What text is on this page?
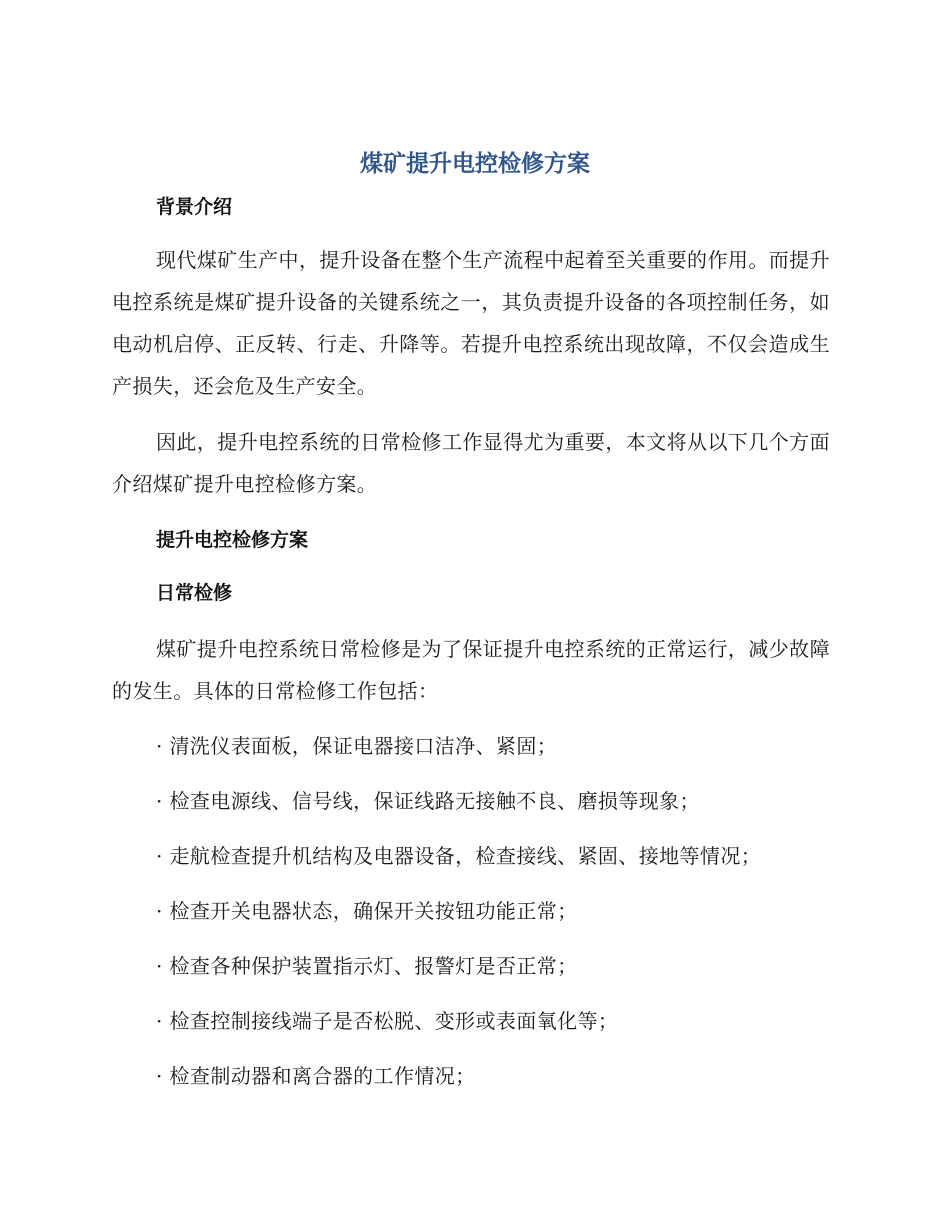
煤矿提升电控检修方案
背景介绍
现代煤矿生产中，提升设备在整个生产流程中起着至关重要的作用。而提升电控系统是煤矿提升设备的关键系统之一，其负责提升设备的各项控制任务，如电动机启停、正反转、行走、升降等。若提升电控系统出现故障，不仅会造成生产损失，还会危及生产安全。
因此，提升电控系统的日常检修工作显得尤为重要，本文将从以下几个方面介绍煤矿提升电控检修方案。
提升电控检修方案
日常检修
煤矿提升电控系统日常检修是为了保证提升电控系统的正常运行，减少故障的发生。具体的日常检修工作包括：
· 清洗仪表面板，保证电器接口洁净、紧固；
· 检查电源线、信号线，保证线路无接触不良、磨损等现象；
· 走航检查提升机结构及电器设备，检查接线、紧固、接地等情况；
· 检查开关电器状态，确保开关按钮功能正常；
· 检查各种保护装置指示灯、报警灯是否正常；
· 检查控制接线端子是否松脱、变形或表面氧化等；
· 检查制动器和离合器的工作情况；
